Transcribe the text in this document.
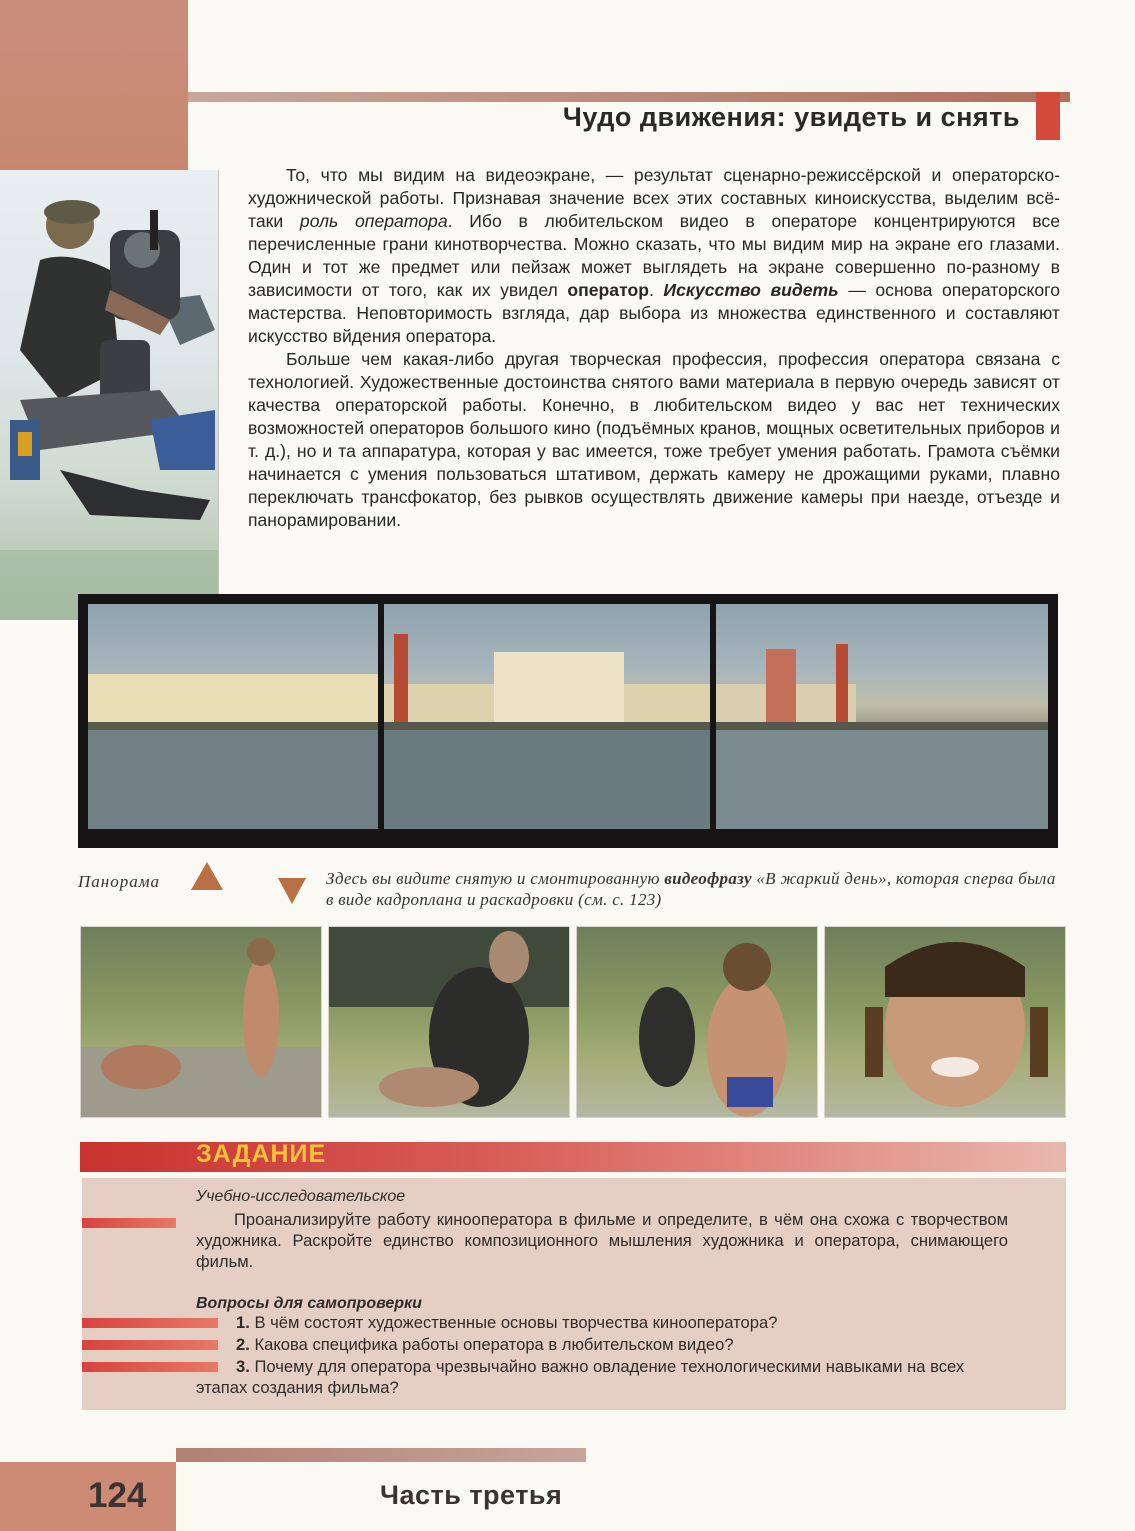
Чудо движения: увидеть и снять

То, что мы видим на видеоэкране, — результат сценарно-режиссёрской и операторско-художнической работы. Признавая значение всех этих составных киноискусства, выделим всё-таки роль оператора. Ибо в любительском видео в операторе концентрируются все перечисленные грани кинотворчества. Можно сказать, что мы видим мир на экране его глазами. Один и тот же предмет или пейзаж может выглядеть на экране совершенно по-разному в зависимости от того, как их увидел оператор. Искусство видеть — основа операторского мастерства. Неповторимость взгляда, дар выбора из множества единственного и составляют искусство вйдения оператора.

Больше чем какая-либо другая творческая профессия, профессия оператора связана с технологией. Художественные достоинства снятого вами материала в первую очередь зависят от качества операторской работы. Конечно, в любительском видео у вас нет технических возможностей операторов большого кино (подъёмных кранов, мощных осветительных приборов и т. д.), но и та аппаратура, которая у вас имеется, тоже требует умения работать. Грамота съёмки начинается с умения пользоваться штативом, держать камеру не дрожащими руками, плавно переключать трансфокатор, без рывков осуществлять движение камеры при наезде, отъезде и панорамировании.

Панорама	Здесь вы видите снятую и смонтированную видеофразу «В жаркий день», которая сперва была в виде кадроплана и раскадровки (см. с. 123)
ЗАДАНИЕ
Учебно-исследовательское

Проанализируйте работу кинооператора в фильме и определите, в чём она схожа с творчеством художника. Раскройте единство композиционного мышления художника и оператора, снимающего фильм.

Вопросы для самопроверки
1. В чём состоят художественные основы творчества кинооператора?
2. Какова специфика работы оператора в любительском видео?
3. Почему для оператора чрезвычайно важно овладение технологическими навыками на всех этапах создания фильма?
124	Часть третья
